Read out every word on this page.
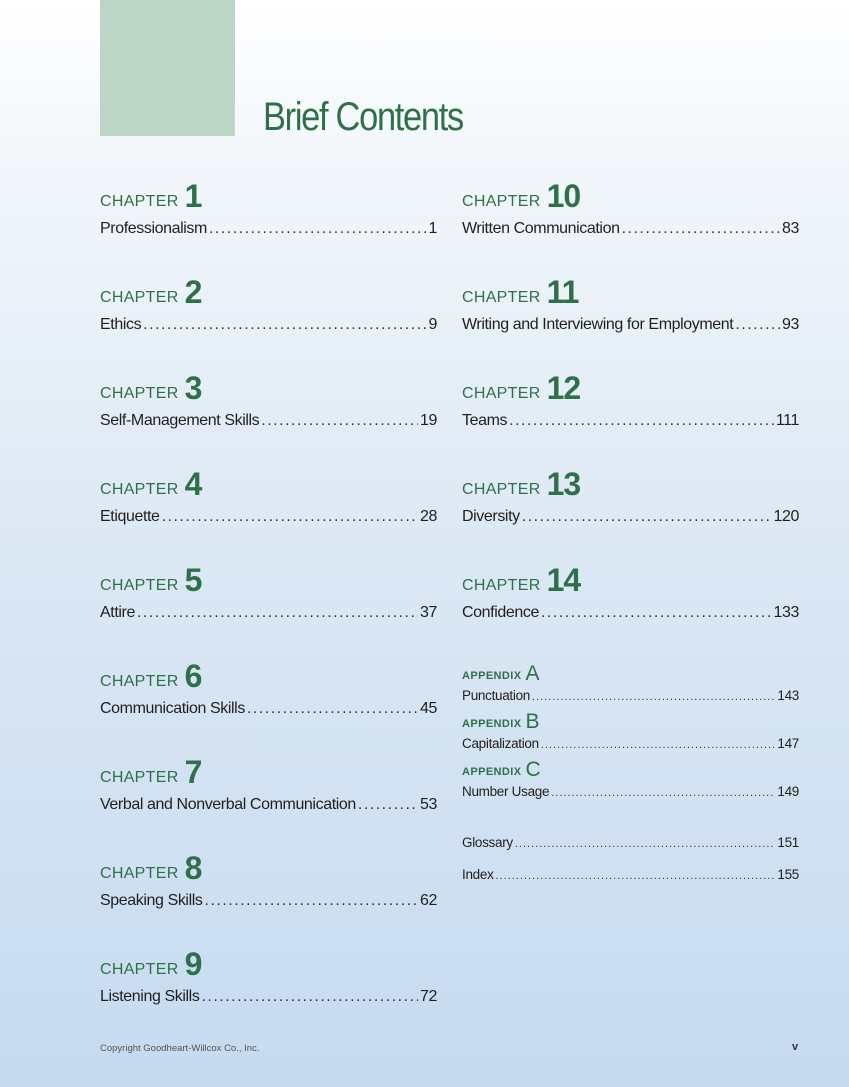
Brief Contents
CHAPTER 1
Professionalism .....	1
CHAPTER 2
Ethics .....	9
CHAPTER 3
Self-Management Skills .....	19
CHAPTER 4
Etiquette .....	28
CHAPTER 5
Attire .....	37
CHAPTER 6
Communication Skills .....	45
CHAPTER 7
Verbal and Nonverbal Communication .....	53
CHAPTER 8
Speaking Skills .....	62
CHAPTER 9
Listening Skills .....	72
CHAPTER 10
Written Communication .....	83
CHAPTER 11
Writing and Interviewing for Employment .....	93
CHAPTER 12
Teams .....	111
CHAPTER 13
Diversity .....	120
CHAPTER 14
Confidence .....	133
APPENDIX A
Punctuation .....	143
APPENDIX B
Capitalization .....	147
APPENDIX C
Number Usage .....	149
Glossary .....	151
Index .....	155
Copyright Goodheart-Willcox Co., Inc.	v
